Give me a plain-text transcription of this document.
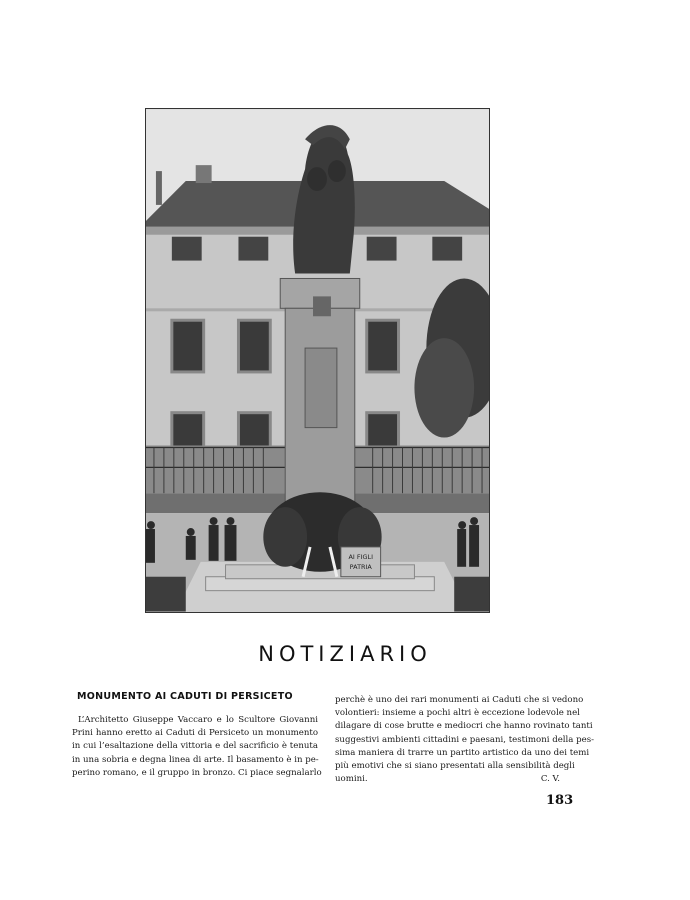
AI FIGLI
PATRIA
NOTIZIARIO
MONUMENTO AI CADUTI DI PERSICETO
L’Architetto Giuseppe Vaccaro e lo Scultore Giovanni
Prini hanno eretto ai Caduti di Persiceto un monumento
in cui l’esaltazione della vittoria e del sacrificio è tenuta
in una sobria e degna linea di arte. Il basamento è in pe-
perino romano, e il gruppo in bronzo. Ci piace segnalarlo
perchè è uno dei rari monumenti ai Caduti che si vedono
volontieri: insieme a pochi altri è eccezione lodevole nel
dilagare di cose brutte e mediocri che hanno rovinato tanti
suggestivi ambienti cittadini e paesani, testimoni della pes-
sima maniera di trarre un partito artistico da uno dei temi
più emotivi che si siano presentati alla sensibilità degli
uomini.	C. V.
183
